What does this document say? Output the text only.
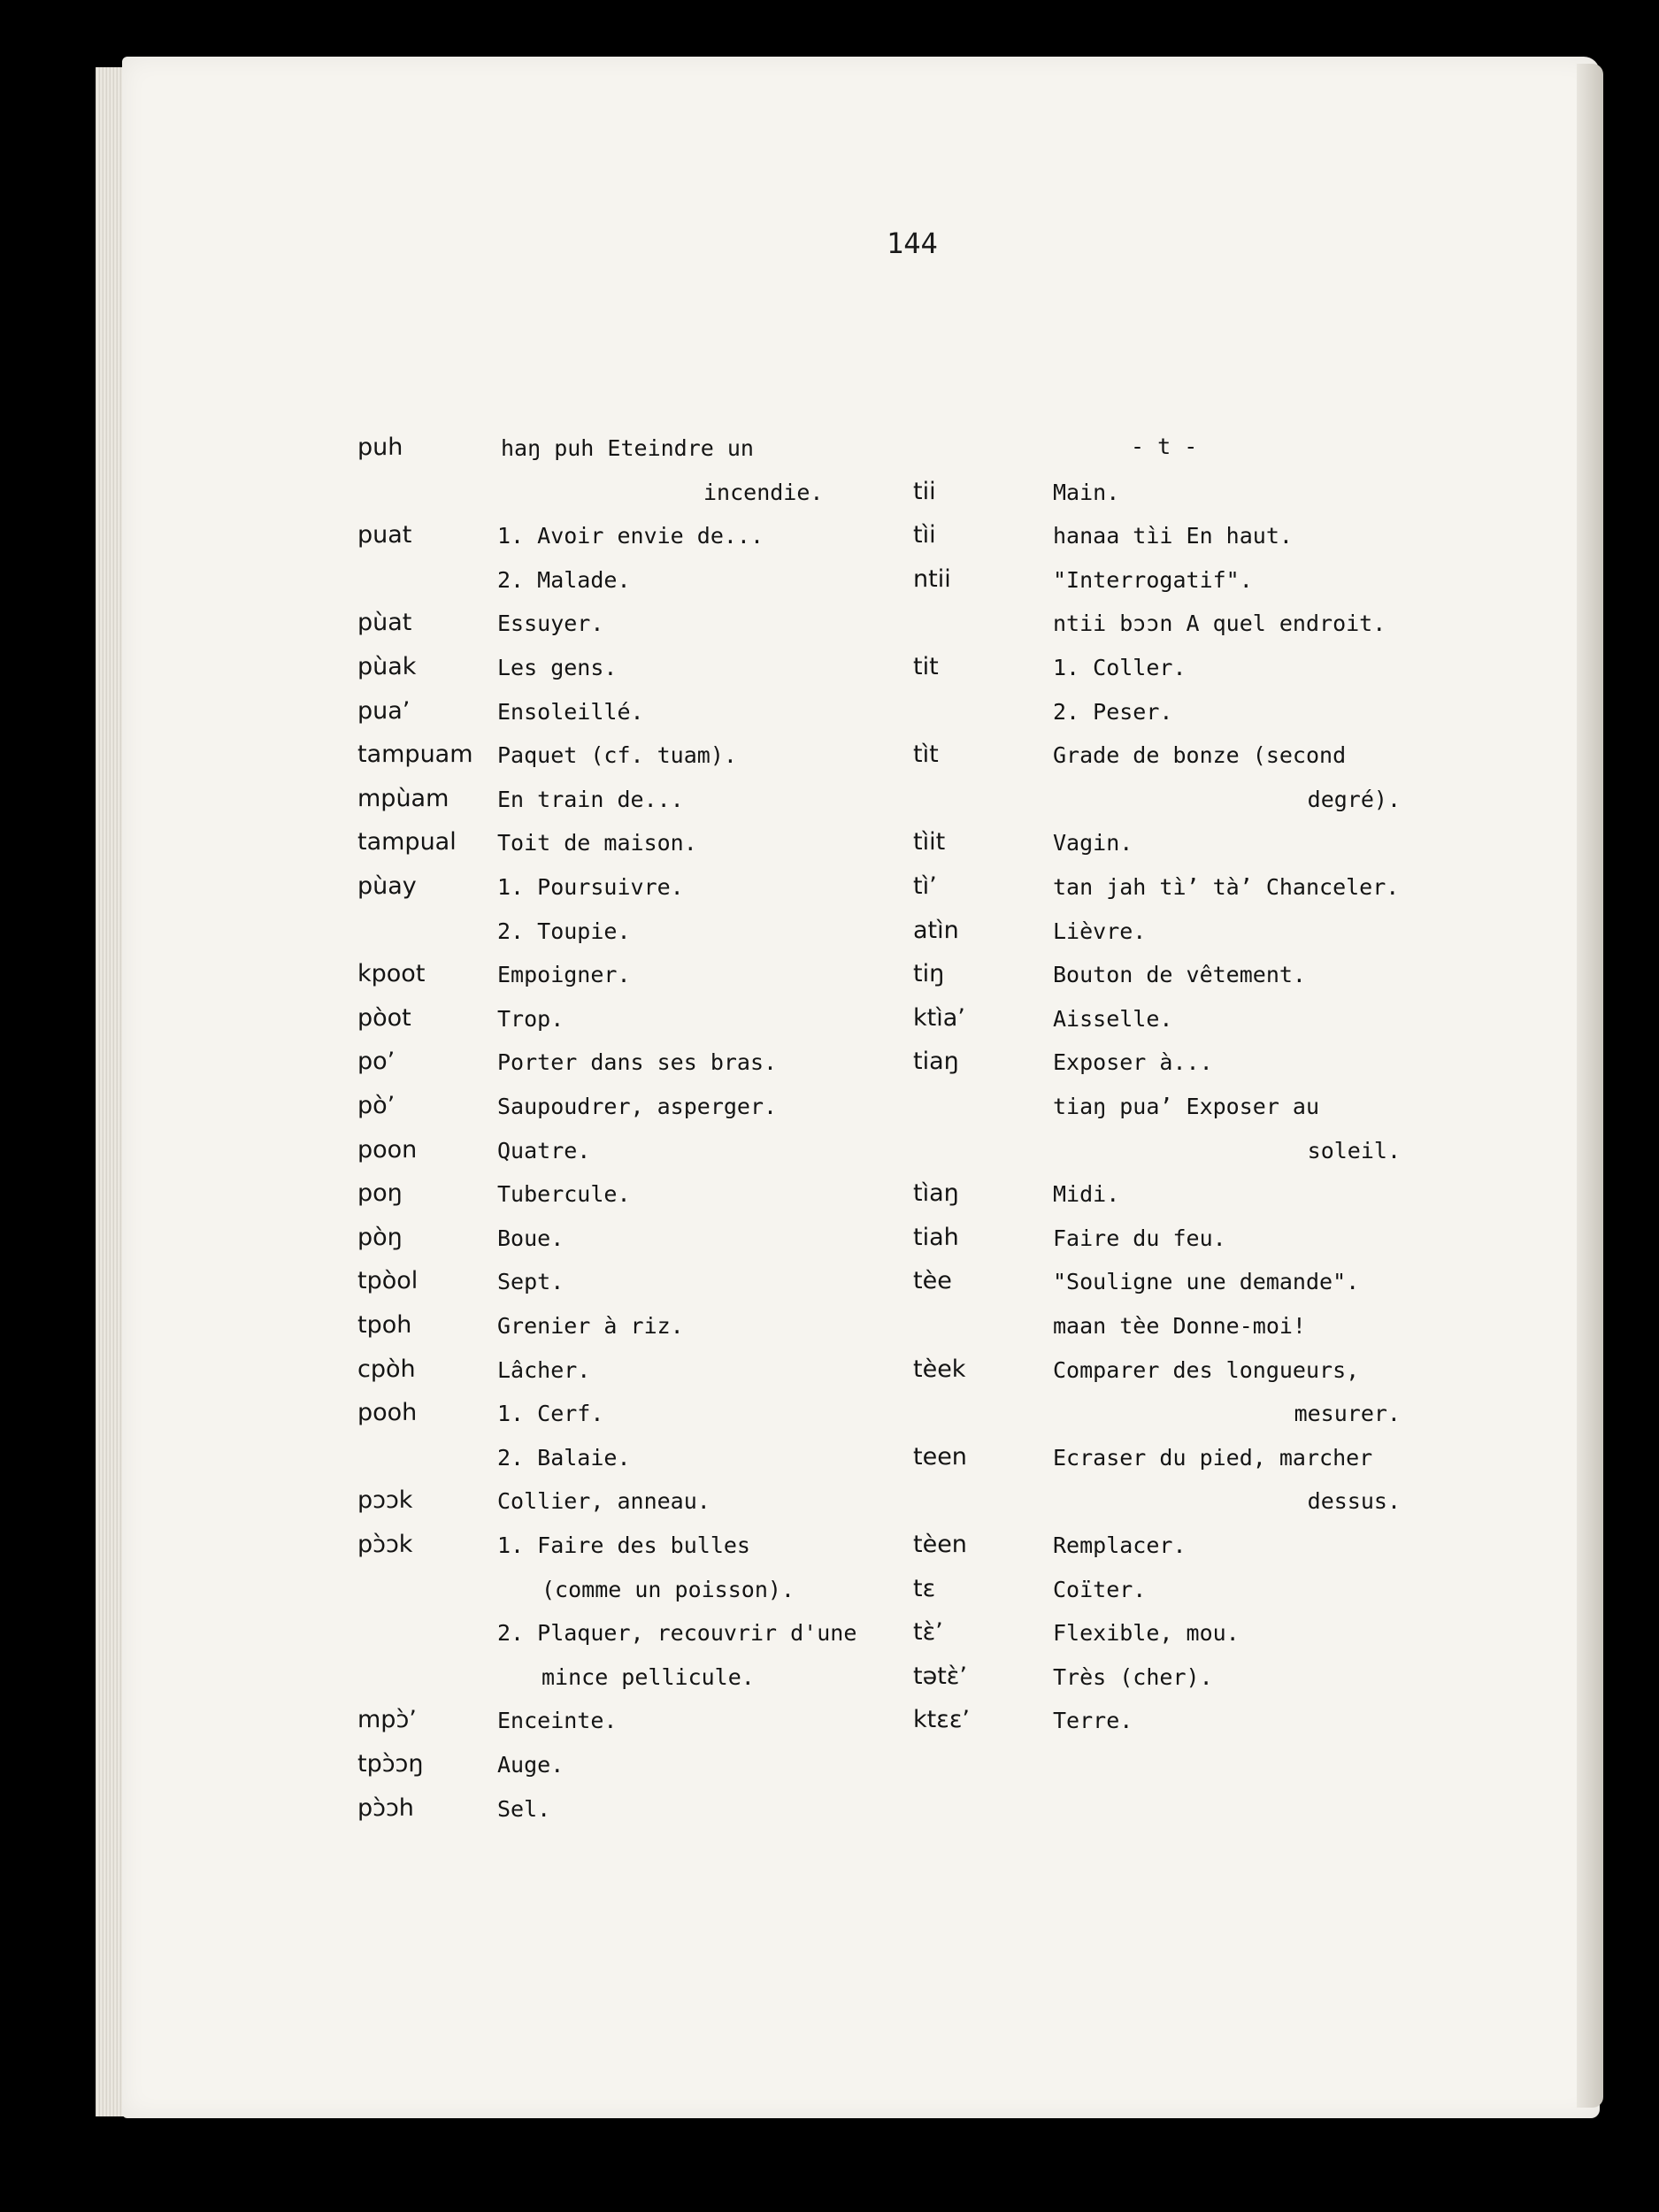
144
puh	haŋ puh Eteindre un
incendie.
puat	1. Avoir envie de...
2. Malade.
pùat	Essuyer.
pùak	Les gens.
pua’	Ensoleillé.
tampuam Paquet (cf. tuam).
mpùam En train de...
tampual Toit de maison.
pùay	1. Poursuivre.
2. Toupie.
kpoot	Empoigner.
pòot	Trop.
po’	Porter dans ses bras.
pò’	Saupoudrer, asperger.
poon	Quatre.
poŋ	Tubercule.
pòŋ	Boue.
tpòol	Sept.
tpoh	Grenier à riz.
cpòh	Lâcher.
pooh	1. Cerf.
2. Balaie.
pɔɔk	Collier, anneau.
pɔ̀ɔk	1. Faire des bulles
(comme un poisson).
2. Plaquer, recouvrir d'une
mince pellicule.
mpɔ̀’	Enceinte.
tpɔ̀ɔŋ	Auge.
pɔ̀ɔh	Sel.
- t -
tii	Main.
tìi	hanaa tìi En haut.
ntii	"Interrogatif".
ntii bɔɔn A quel endroit.
tit	1. Coller.
2. Peser.
tìt	Grade de bonze (second
degré).
tìit	Vagin.
tì’	tan jah tì’ tà’ Chanceler.
atìn	Lièvre.
tiŋ	Bouton de vêtement.
ktìa’	Aisselle.
tiaŋ	Exposer à...
tiaŋ pua’ Exposer au
soleil.
tìaŋ	Midi.
tiah	Faire du feu.
tèe	"Souligne une demande".
maan tèe Donne-moi!
tèek	Comparer des longueurs,
mesurer.
teen	Ecraser du pied, marcher
dessus.
tèen	Remplacer.
tɛ	Coïter.
tɛ̀’	Flexible, mou.
tətɛ̀’	Très (cher).
ktɛɛ’	Terre.
